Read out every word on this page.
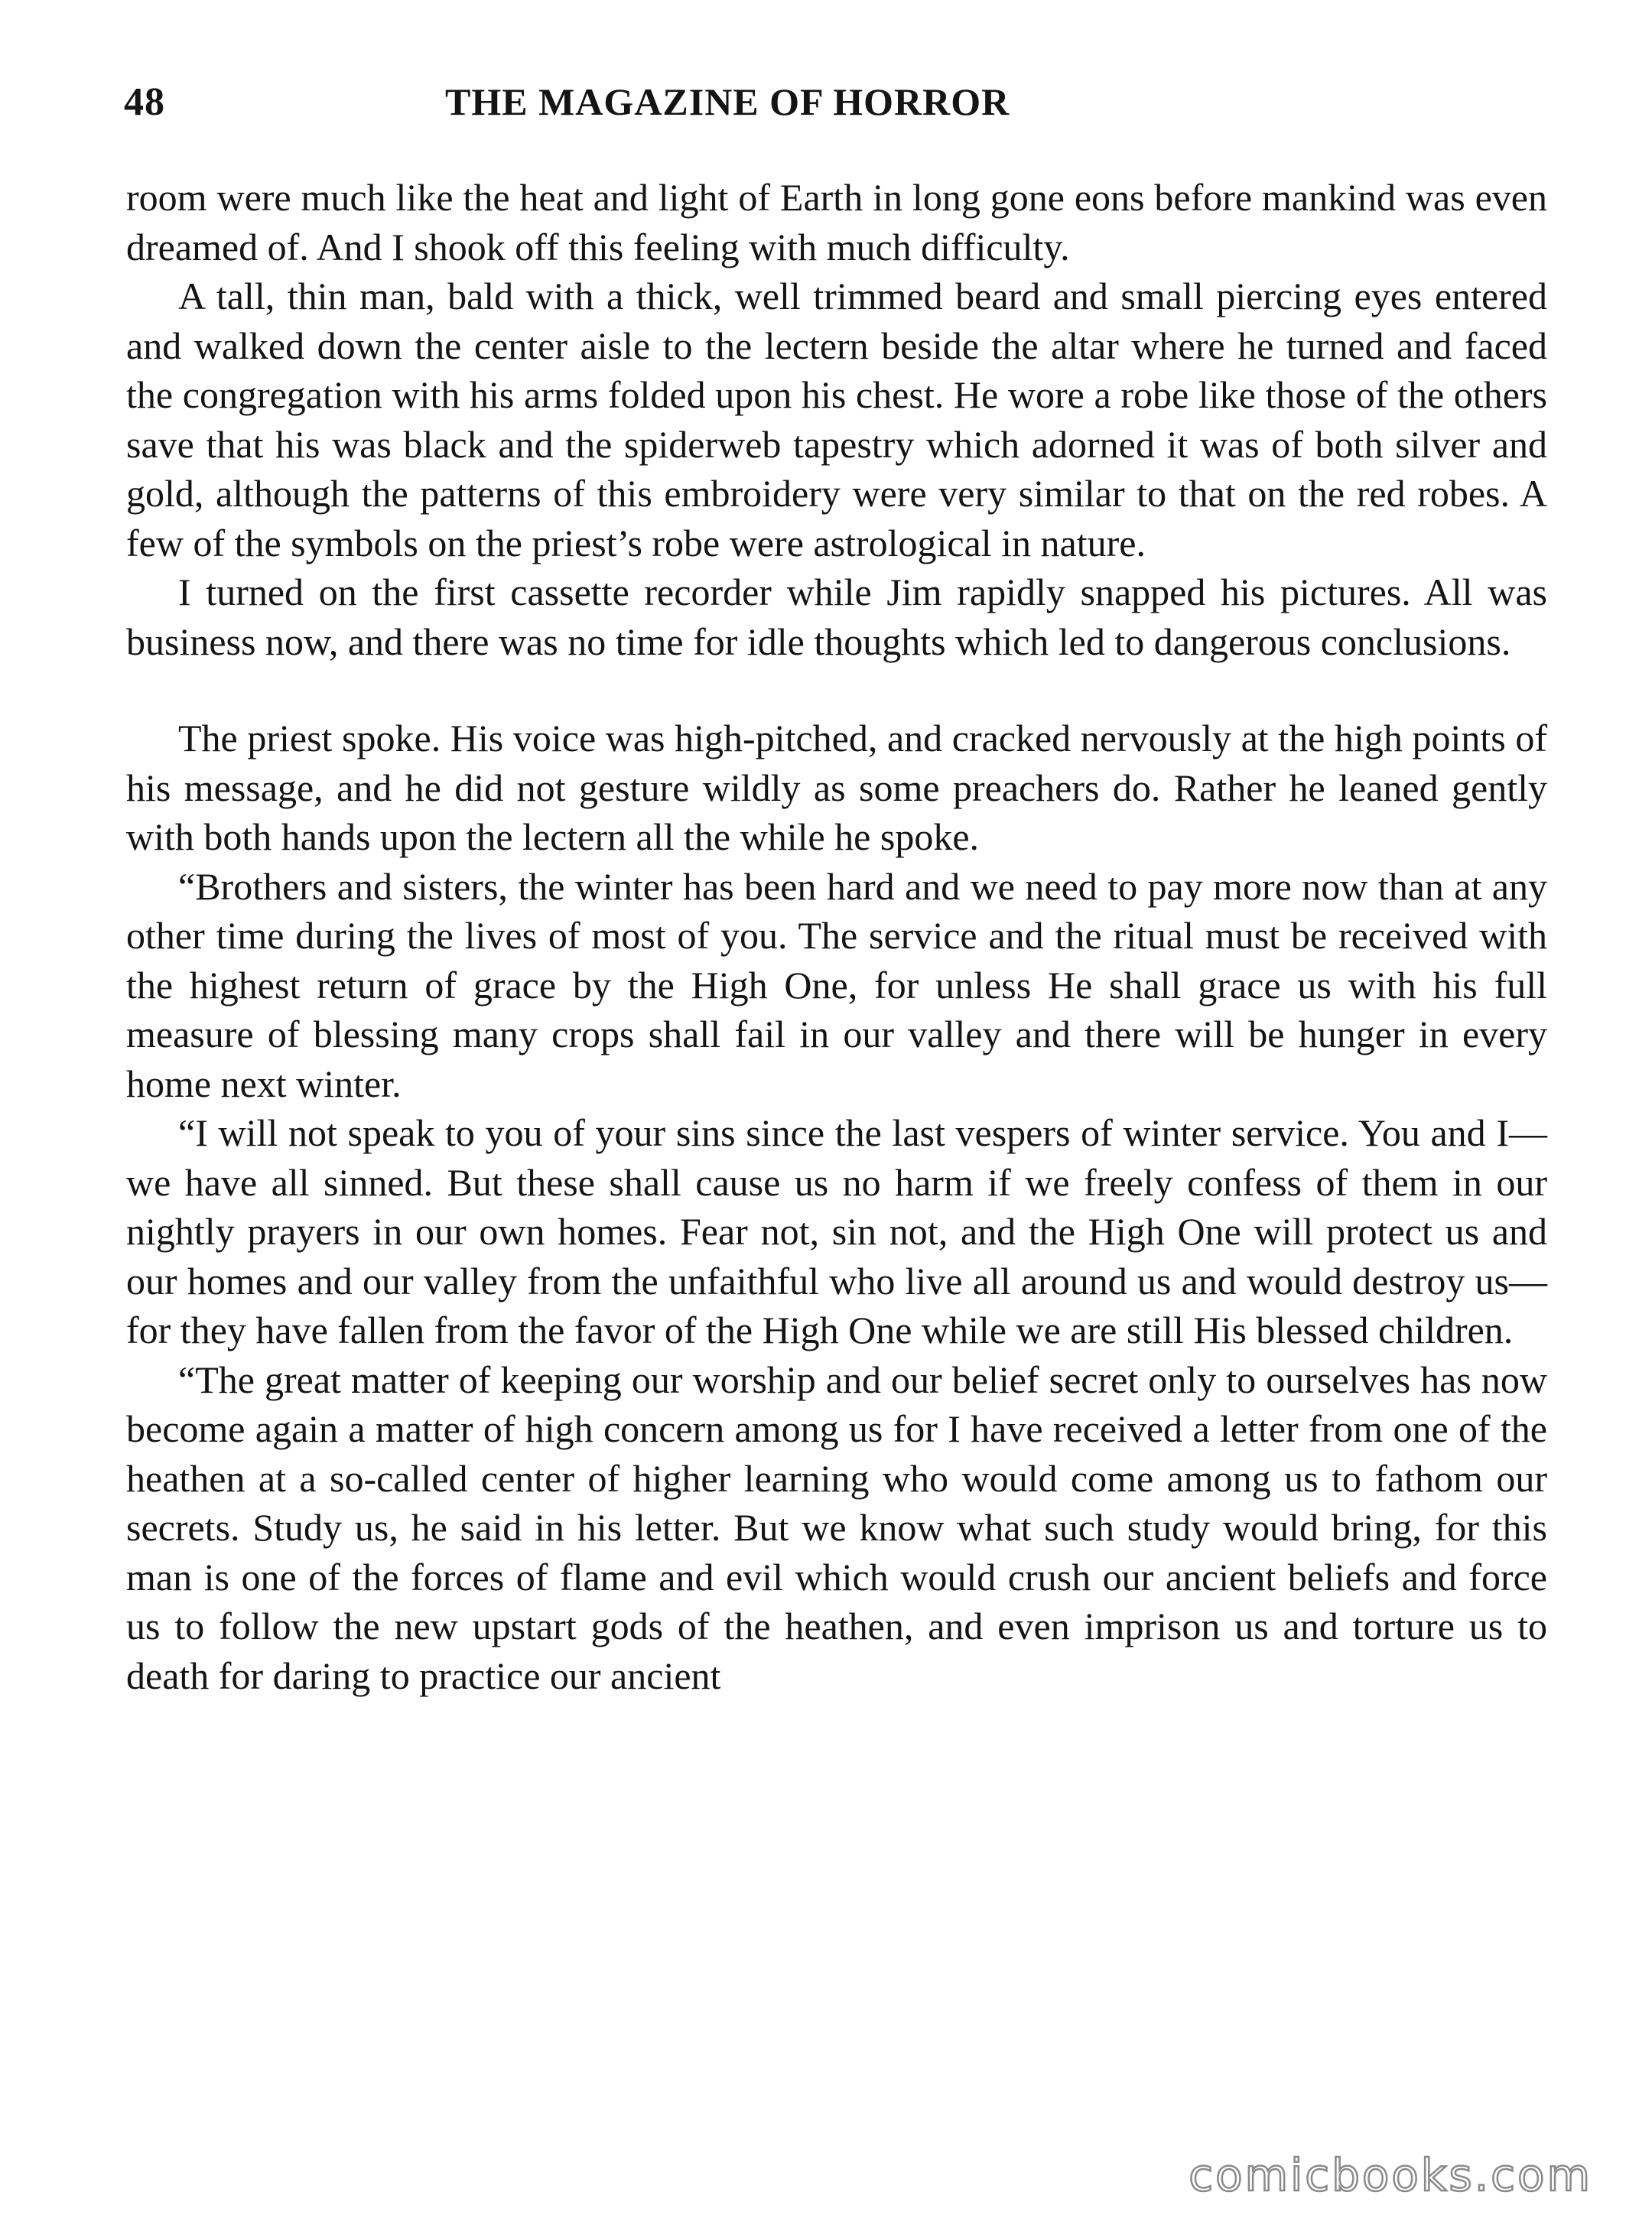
48	THE MAGAZINE OF HORROR

room were much like the heat and light of Earth in long gone eons before mankind was even dreamed of. And I shook off this feeling with much difficulty.

A tall, thin man, bald with a thick, well trimmed beard and small piercing eyes entered and walked down the center aisle to the lectern beside the altar where he turned and faced the congregation with his arms folded upon his chest. He wore a robe like those of the others save that his was black and the spiderweb tapestry which adorned it was of both silver and gold, although the patterns of this embroidery were very similar to that on the red robes. A few of the symbols on the priest’s robe were astrological in nature.

I turned on the first cassette recorder while Jim rapidly snapped his pictures. All was business now, and there was no time for idle thoughts which led to dangerous conclusions.

The priest spoke. His voice was high-pitched, and cracked nervously at the high points of his message, and he did not gesture wildly as some preachers do. Rather he leaned gently with both hands upon the lectern all the while he spoke.

“Brothers and sisters, the winter has been hard and we need to pay more now than at any other time during the lives of most of you. The service and the ritual must be received with the highest return of grace by the High One, for unless He shall grace us with his full measure of blessing many crops shall fail in our valley and there will be hunger in every home next winter.

“I will not speak to you of your sins since the last vespers of winter service. You and I—we have all sinned. But these shall cause us no harm if we freely confess of them in our nightly prayers in our own homes. Fear not, sin not, and the High One will protect us and our homes and our valley from the unfaithful who live all around us and would destroy us—for they have fallen from the favor of the High One while we are still His blessed children.

“The great matter of keeping our worship and our belief secret only to ourselves has now become again a matter of high concern among us for I have received a letter from one of the heathen at a so-called center of higher learning who would come among us to fathom our secrets. Study us, he said in his letter. But we know what such study would bring, for this man is one of the forces of flame and evil which would crush our ancient beliefs and force us to follow the new upstart gods of the heathen, and even imprison us and torture us to death for daring to practice our ancient

comicbooks.com
